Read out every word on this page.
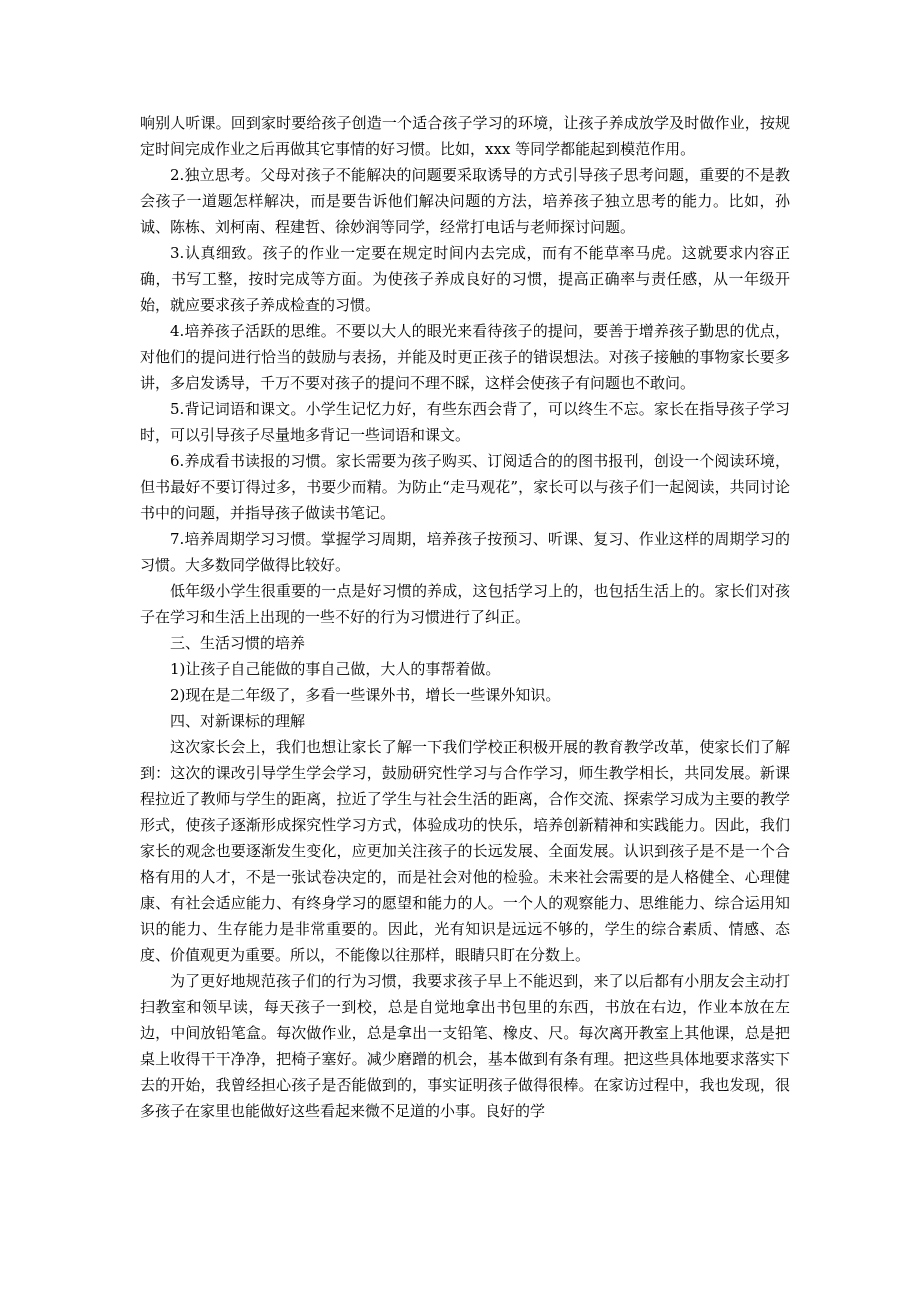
响别人听课。回到家时要给孩子创造一个适合孩子学习的环境，让孩子养成放学及时做作业，按规定时间完成作业之后再做其它事情的好习惯。比如，xxx 等同学都能起到模范作用。

2.独立思考。父母对孩子不能解决的问题要采取诱导的方式引导孩子思考问题，重要的不是教会孩子一道题怎样解决，而是要告诉他们解决问题的方法，培养孩子独立思考的能力。比如，孙诚、陈栋、刘柯南、程建哲、徐妙润等同学，经常打电话与老师探讨问题。

3.认真细致。孩子的作业一定要在规定时间内去完成，而有不能草率马虎。这就要求内容正确，书写工整，按时完成等方面。为使孩子养成良好的习惯，提高正确率与责任感，从一年级开始，就应要求孩子养成检查的习惯。

4.培养孩子活跃的思维。不要以大人的眼光来看待孩子的提问，要善于增养孩子勤思的优点，对他们的提问进行恰当的鼓励与表扬，并能及时更正孩子的错误想法。对孩子接触的事物家长要多讲，多启发诱导，千万不要对孩子的提问不理不睬，这样会使孩子有问题也不敢问。

5.背记词语和课文。小学生记忆力好，有些东西会背了，可以终生不忘。家长在指导孩子学习时，可以引导孩子尽量地多背记一些词语和课文。

6.养成看书读报的习惯。家长需要为孩子购买、订阅适合的的图书报刊，创设一个阅读环境，但书最好不要订得过多，书要少而精。为防止“走马观花”，家长可以与孩子们一起阅读，共同讨论书中的问题，并指导孩子做读书笔记。

7.培养周期学习习惯。掌握学习周期，培养孩子按预习、听课、复习、作业这样的周期学习的习惯。大多数同学做得比较好。

低年级小学生很重要的一点是好习惯的养成，这包括学习上的，也包括生活上的。家长们对孩子在学习和生活上出现的一些不好的行为习惯进行了纠正。

三、生活习惯的培养

1)让孩子自己能做的事自己做，大人的事帮着做。

2)现在是二年级了，多看一些课外书，增长一些课外知识。

四、对新课标的理解

这次家长会上，我们也想让家长了解一下我们学校正积极开展的教育教学改革，使家长们了解到：这次的课改引导学生学会学习，鼓励研究性学习与合作学习，师生教学相长，共同发展。新课程拉近了教师与学生的距离，拉近了学生与社会生活的距离，合作交流、探索学习成为主要的教学形式，使孩子逐渐形成探究性学习方式，体验成功的快乐，培养创新精神和实践能力。因此，我们家长的观念也要逐渐发生变化，应更加关注孩子的长远发展、全面发展。认识到孩子是不是一个合格有用的人才，不是一张试卷决定的，而是社会对他的检验。未来社会需要的是人格健全、心理健康、有社会适应能力、有终身学习的愿望和能力的人。一个人的观察能力、思维能力、综合运用知识的能力、生存能力是非常重要的。因此，光有知识是远远不够的，学生的综合素质、情感、态度、价值观更为重要。所以，不能像以往那样，眼睛只盯在分数上。

为了更好地规范孩子们的行为习惯，我要求孩子早上不能迟到，来了以后都有小朋友会主动打扫教室和领早读，每天孩子一到校，总是自觉地拿出书包里的东西，书放在右边，作业本放在左边，中间放铅笔盒。每次做作业，总是拿出一支铅笔、橡皮、尺。每次离开教室上其他课，总是把桌上收得干干净净，把椅子塞好。减少磨蹭的机会，基本做到有条有理。把这些具体地要求落实下去的开始，我曾经担心孩子是否能做到的，事实证明孩子做得很棒。在家访过程中，我也发现，很多孩子在家里也能做好这些看起来微不足道的小事。良好的学
